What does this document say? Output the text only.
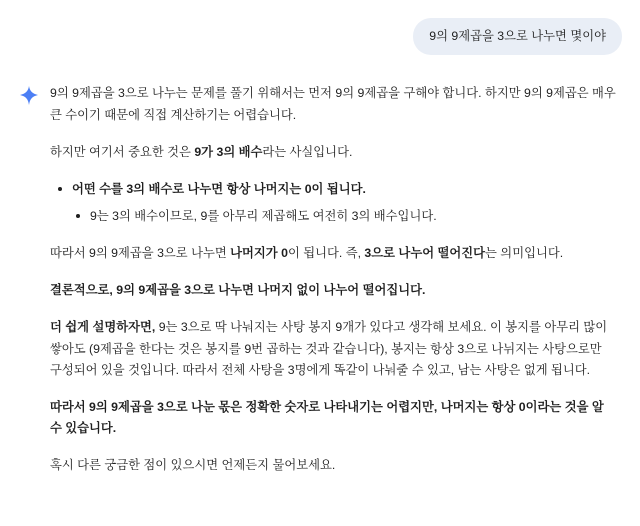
9의 9제곱을 3으로 나누면 몇이야

9의 9제곱을 3으로 나누는 문제를 풀기 위해서는 먼저 9의 9제곱을 구해야 합니다. 하지만 9의 9제곱은 매우 큰 수이기 때문에 직접 계산하기는 어렵습니다.

하지만 여기서 중요한 것은 9가 3의 배수라는 사실입니다.

어떤 수를 3의 배수로 나누면 항상 나머지는 0이 됩니다.
9는 3의 배수이므로, 9를 아무리 제곱해도 여전히 3의 배수입니다.

따라서 9의 9제곱을 3으로 나누면 나머지가 0이 됩니다. 즉, 3으로 나누어 떨어진다는 의미입니다.

결론적으로, 9의 9제곱을 3으로 나누면 나머지 없이 나누어 떨어집니다.

더 쉽게 설명하자면, 9는 3으로 딱 나눠지는 사탕 봉지 9개가 있다고 생각해 보세요. 이 봉지를 아무리 많이 쌓아도 (9제곱을 한다는 것은 봉지를 9번 곱하는 것과 같습니다), 봉지는 항상 3으로 나뉘지는 사탕으로만 구성되어 있을 것입니다. 따라서 전체 사탕을 3명에게 똑같이 나눠줄 수 있고, 남는 사탕은 없게 됩니다.

따라서 9의 9제곱을 3으로 나눈 몫은 정확한 숫자로 나타내기는 어렵지만, 나머지는 항상 0이라는 것을 알 수 있습니다.

혹시 다른 궁금한 점이 있으시면 언제든지 물어보세요.
